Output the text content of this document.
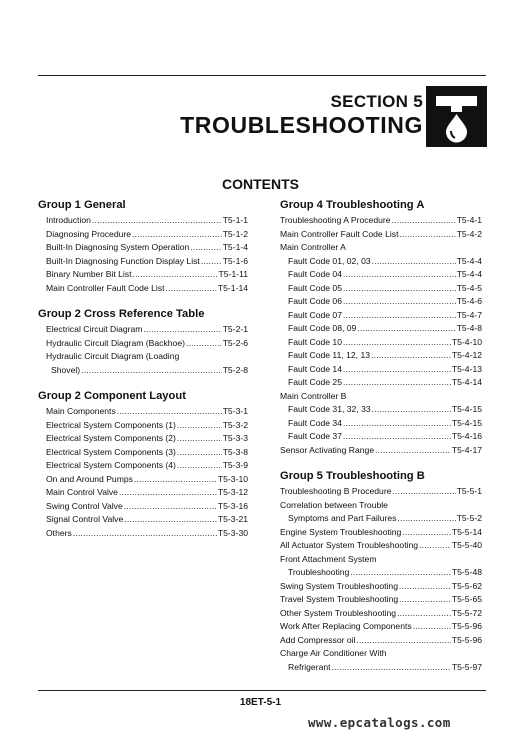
SECTION 5
TROUBLESHOOTING
CONTENTS
Group 1 General
Introduction .....	T5-1-1
Diagnosing Procedure .....	T5-1-2
Built-In Diagnosing System Operation .....	T5-1-4
Built-In Diagnosing Function Display List .....	T5-1-6
Binary Number Bit List .....	T5-1-11
Main Controller Fault Code List .....	T5-1-14
Group 2 Cross Reference Table
Electrical Circuit Diagram .....	T5-2-1
Hydraulic Circuit Diagram (Backhoe) .....	T5-2-6
Hydraulic Circuit Diagram (Loading
Shovel) .....	T5-2-8
Group 2 Component Layout
Main Components .....	T5-3-1
Electrical System Components (1) .....	T5-3-2
Electrical System Components (2) .....	T5-3-3
Electrical System Components (3) .....	T5-3-8
Electrical System Components (4) .....	T5-3-9
On and Around Pumps .....	T5-3-10
Main Control Valve .....	T5-3-12
Swing Control Valve .....	T5-3-16
Signal Control Valve .....	T5-3-21
Others .....	T5-3-30
Group 4 Troubleshooting A
Troubleshooting A Procedure .....	T5-4-1
Main Controller Fault Code List .....	T5-4-2
Main Controller A
Fault Code 01, 02, 03 .....	T5-4-4
Fault Code 04 .....	T5-4-4
Fault Code 05 .....	T5-4-5
Fault Code 06 .....	T5-4-6
Fault Code 07 .....	T5-4-7
Fault Code 08, 09 .....	T5-4-8
Fault Code 10 .....	T5-4-10
Fault Code 11, 12, 13 .....	T5-4-12
Fault Code 14 .....	T5-4-13
Fault Code 25 .....	T5-4-14
Main Controller B
Fault Code 31, 32, 33 .....	T5-4-15
Fault Code 34 .....	T5-4-15
Fault Code 37 .....	T5-4-16
Sensor Activating Range .....	T5-4-17
Group 5 Troubleshooting B
Troubleshooting B Procedure .....	T5-5-1
Correlation between Trouble
Symptoms and Part Failures .....	T5-5-2
Engine System Troubleshooting .....	T5-5-14
All Actuator System Troubleshooting .....	T5-5-40
Front Attachment System
Troubleshooting .....	T5-5-48
Swing System Troubleshooting .....	T5-5-62
Travel System Troubleshooting .....	T5-5-65
Other System Troubleshooting .....	T5-5-72
Work After Replacing Components .....	T5-5-96
Add Compressor oil .....	T5-5-96
Charge Air Conditioner With
Refrigerant .....	T5-5-97
18ET-5-1
www.epcatalogs.com
